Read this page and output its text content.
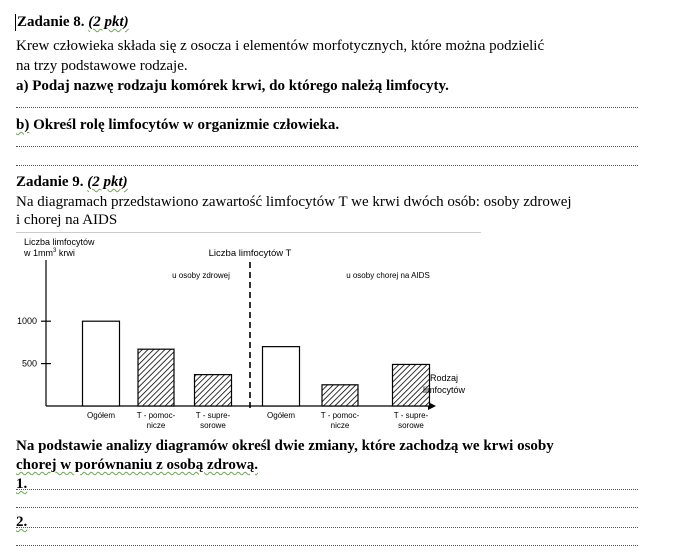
Zadanie 8. (2 pkt)
Krew człowieka składa się z osocza i elementów morfotycznych, które można podzielić
na trzy podstawowe rodzaje.
a) Podaj nazwę rodzaju komórek krwi, do którego należą limfocyty.
b) Określ rolę limfocytów w organizmie człowieka.
Zadanie 9. (2 pkt)
Na diagramach przedstawiono zawartość limfocytów T we krwi dwóch osób: osoby zdrowej
i chorej na AIDS
Liczba limfocytów
w $1mm^3$ krwi	Liczba limfocytów T
500
1000
u osoby zdrowej
Ogółem	T - pomoc-
nicze
T - supre-
sorowe
u osoby chorej na AIDS
Ogółem	T - pomoc-
nicze
T - supre-
sorowe
Rodzaj
limfocytów
Na podstawie analizy diagramów określ dwie zmiany, które zachodzą we krwi osoby
chorej w porównaniu z osobą zdrową.
1.
2.
